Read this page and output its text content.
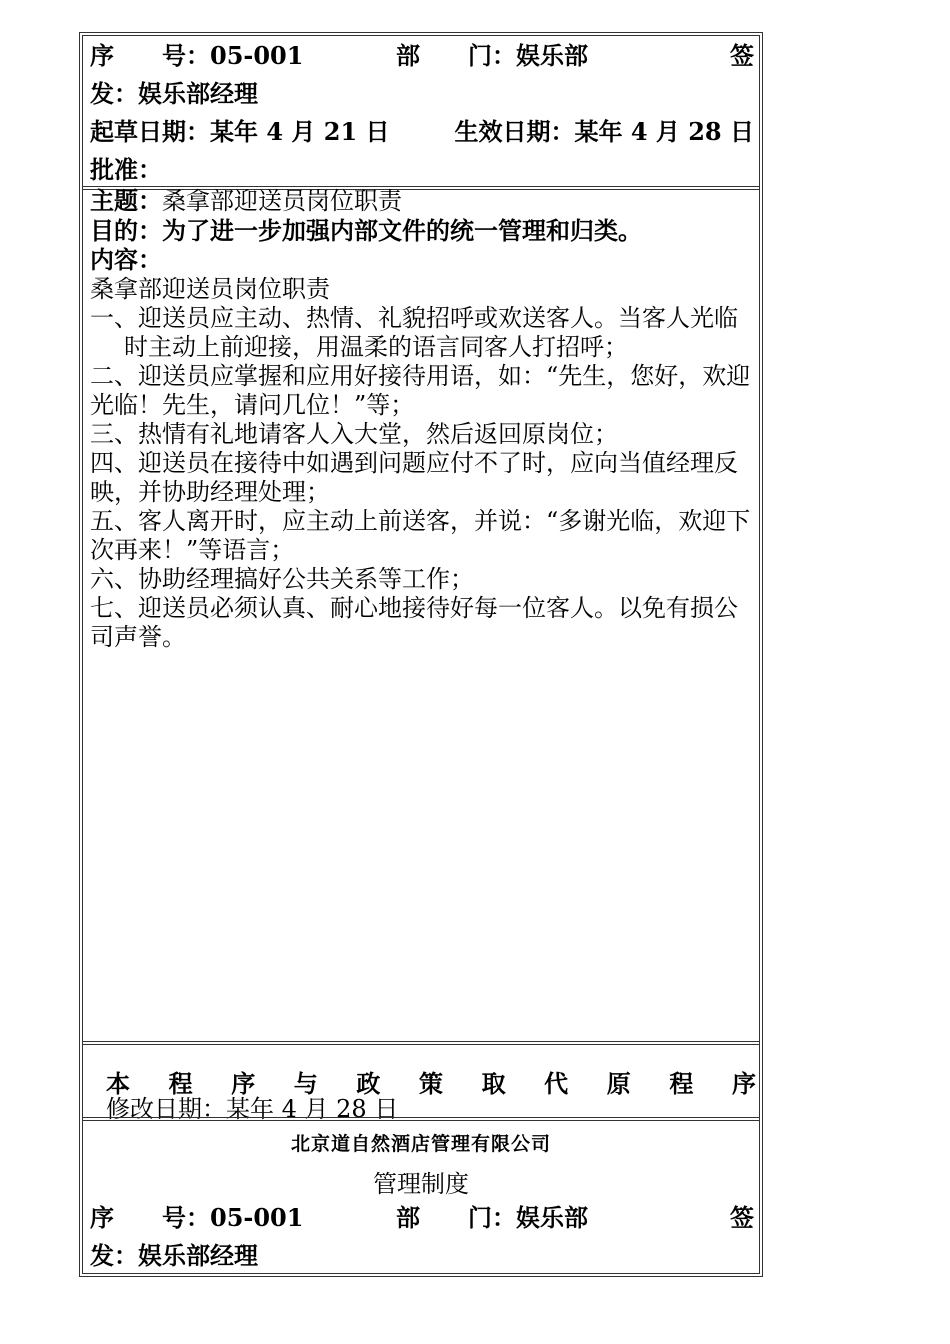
序　　号：05-001	部　　门：娱乐部	签
发：娱乐部经理
起草日期：某年 4 月 21 日	生效日期：某年 4 月 28 日
批准：

主题：桑拿部迎送员岗位职责

目的：为了进一步加强内部文件的统一管理和归类。

内容：

桑拿部迎送员岗位职责

一、迎送员应主动、热情、礼貌招呼或欢送客人。当客人光临时主动上前迎接，用温柔的语言同客人打招呼；

二、迎送员应掌握和应用好接待用语，如：“先生，您好，欢迎光临！先生，请问几位！”等；

三、热情有礼地请客人入大堂，然后返回原岗位；

四、迎送员在接待中如遇到问题应付不了时，应向当值经理反映，并协助经理处理；

五、客人离开时，应主动上前送客，并说：“多谢光临，欢迎下次再来！”等语言；

六、协助经理搞好公共关系等工作；

七、迎送员必须认真、耐心地接待好每一位客人。以免有损公司声誉。

本 程 序 与 政 策 取 代 原 程 序
修改日期：某年 4 月 28 日
北京道自然酒店管理有限公司
管理制度
序　　号：05-001	部　　门：娱乐部	签
发：娱乐部经理
